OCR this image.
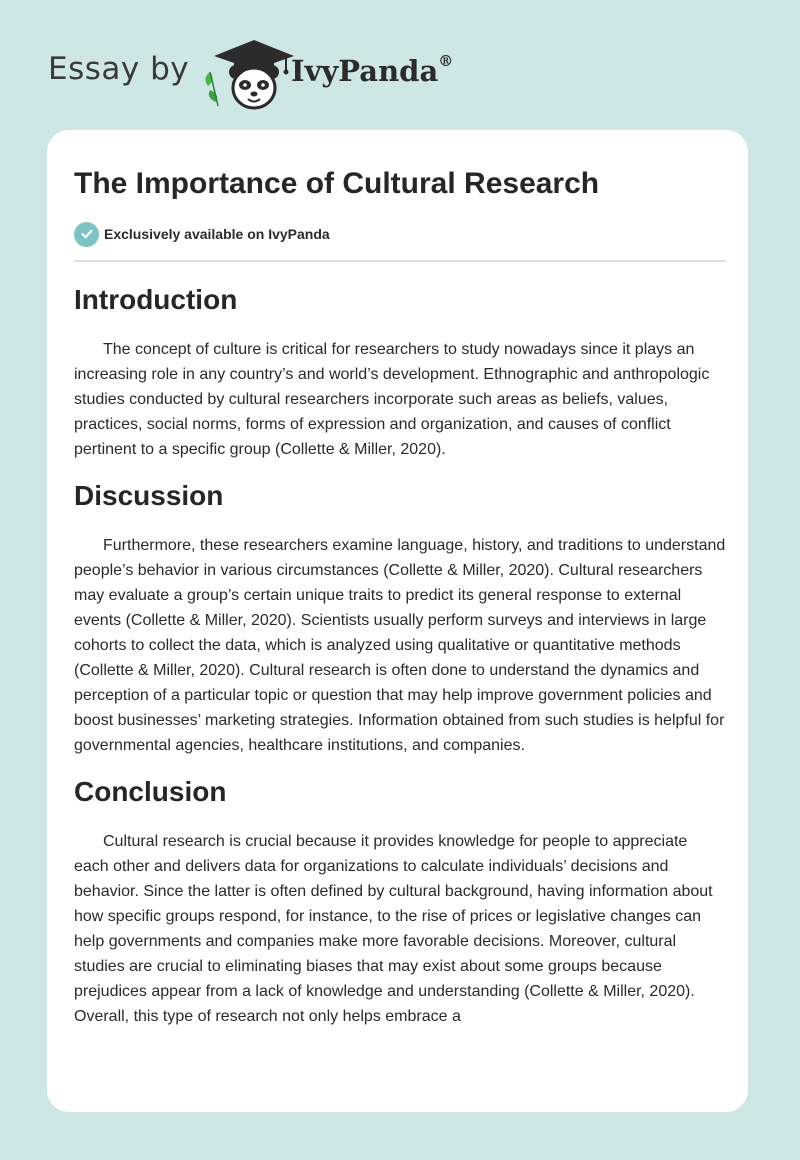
Essay by	IvyPanda®
The Importance of Cultural Research
Exclusively available on IvyPanda
Introduction

The concept of culture is critical for researchers to study nowadays since it plays an increasing role in any country’s and world’s development. Ethnographic and anthropologic studies conducted by cultural researchers incorporate such areas as beliefs, values, practices, social norms, forms of expression and organization, and causes of conflict pertinent to a specific group (Collette & Miller, 2020).

Discussion

Furthermore, these researchers examine language, history, and traditions to understand people’s behavior in various circumstances (Collette & Miller, 2020). Cultural researchers may evaluate a group’s certain unique traits to predict its general response to external events (Collette & Miller, 2020). Scientists usually perform surveys and interviews in large cohorts to collect the data, which is analyzed using qualitative or quantitative methods (Collette & Miller, 2020). Cultural research is often done to understand the dynamics and perception of a particular topic or question that may help improve government policies and boost businesses’ marketing strategies. Information obtained from such studies is helpful for governmental agencies, healthcare institutions, and companies.

Conclusion

Cultural research is crucial because it provides knowledge for people to appreciate each other and delivers data for organizations to calculate individuals’ decisions and behavior. Since the latter is often defined by cultural background, having information about how specific groups respond, for instance, to the rise of prices or legislative changes can help governments and companies make more favorable decisions. Moreover, cultural studies are crucial to eliminating biases that may exist about some groups because prejudices appear from a lack of knowledge and understanding (Collette & Miller, 2020). Overall, this type of research not only helps embrace a
